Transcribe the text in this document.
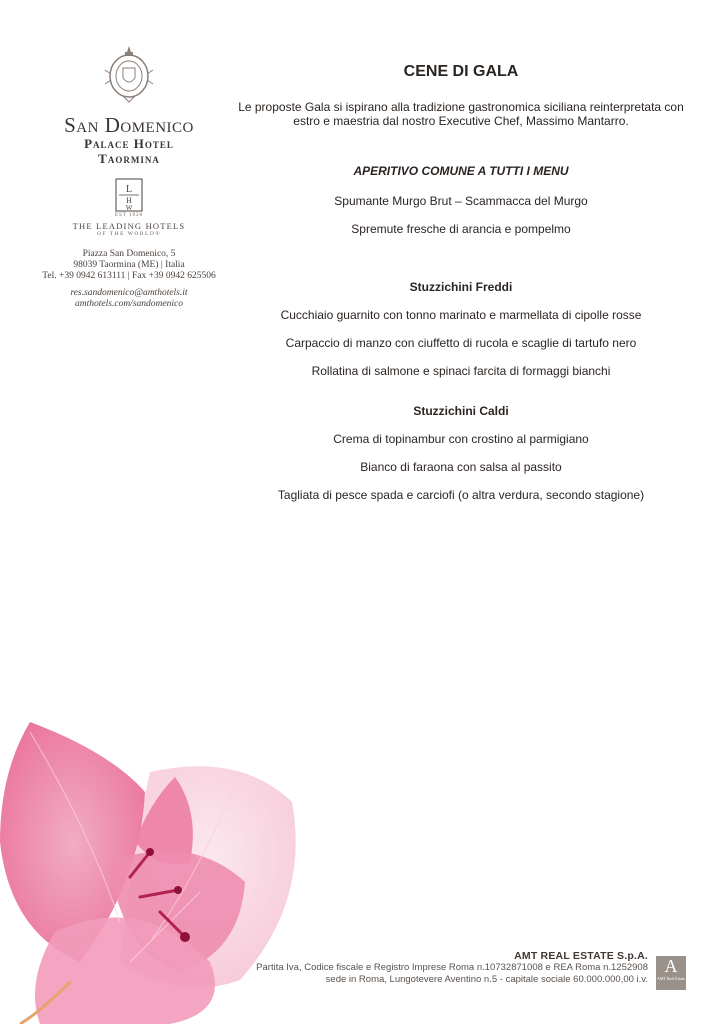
San Domenico
Palace Hotel
Taormina
L
H
W
EST 1928
THE LEADING HOTELS
OF THE WORLD®
Piazza San Domenico, 5
98039 Taormina (ME) | Italia
Tel. +39 0942 613111 | Fax +39 0942 625506
res.sandomenico@amthotels.it
amthotels.com/sandomenico
CENE DI GALA
Le proposte Gala si ispirano alla tradizione gastronomica siciliana reinterpretata con estro e maestria dal nostro Executive Chef, Massimo Mantarro.
APERITIVO COMUNE A TUTTI I MENU
Spumante Murgo Brut – Scammacca del Murgo
Spremute fresche di arancia e pompelmo
Stuzzichini Freddi
Cucchiaio guarnito con tonno marinato e marmellata di cipolle rosse
Carpaccio di manzo con ciuffetto di rucola e scaglie di tartufo nero
Rollatina di salmone e spinaci farcita di formaggi bianchi
Stuzzichini Caldi
Crema di topinambur con crostino al parmigiano
Bianco di faraona con salsa al passito
Tagliata di pesce spada e carciofi (o altra verdura, secondo stagione)
AMT REAL ESTATE S.p.A.
Partita Iva, Codice fiscale e Registro Imprese Roma n.10732871008 e REA Roma n.1252908
sede in Roma, Lungotevere Aventino n.5 - capitale sociale 60.000.000,00 i.v.
A
AMT Real Estate
